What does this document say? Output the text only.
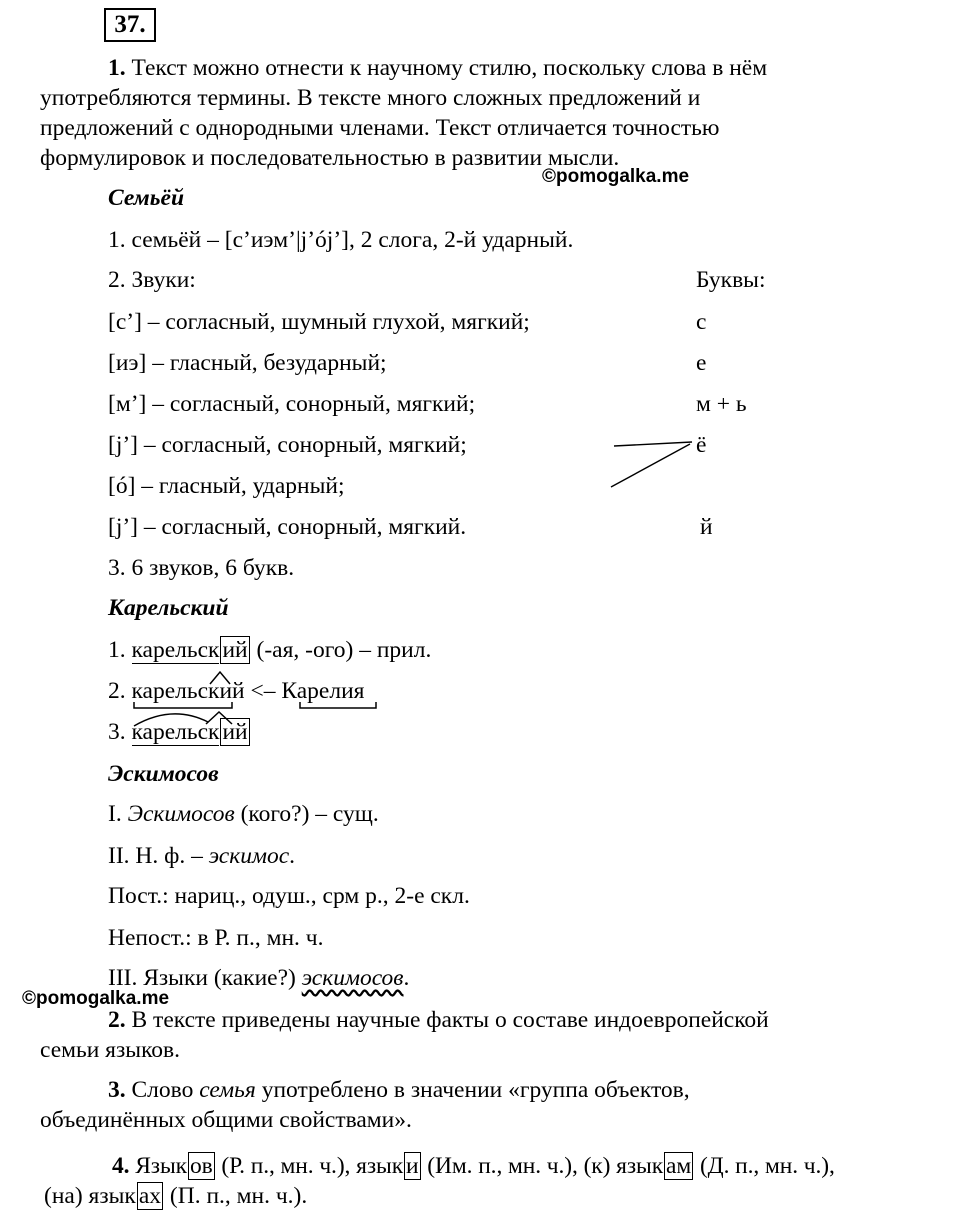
37.
1. Текст можно отнести к научному стилю, поскольку слова в нём
употребляются термины. В тексте много сложных предложений и
предложений с однородными членами. Текст отличается точностью
формулировок и последовательностью в развитии мысли.
©pomogalka.me
Семьёй
1. семьёй – [с’иэм’|j’ój’], 2 слога, 2-й ударный.
2. Звуки:	Буквы:
[с’] – согласный, шумный глухой, мягкий;	с
[иэ] – гласный, безударный;	е
[м’] – согласный, сонорный, мягкий;	м + ь
[j’] – согласный, сонорный, мягкий;	ё
[ó] – гласный, ударный;
[j’] – согласный, сонорный, мягкий.	й
3. 6 звуков, 6 букв.
Карельский
1. карельск ий (-ая, -ого) – прил.
2. карельский <– Карелия
3. карельск ий
Эскимосов
I. Эскимосов (кого?) – сущ.
II. Н. ф. – эскимос.
Пост.: нариц., одуш., срм р., 2-е скл.
Непост.: в Р. п., мн. ч.
III. Языки (какие?) эскимосов.
©pomogalka.me
2. В тексте приведены научные факты о составе индоевропейской
семьи языков.
3. Слово семья употреблено в значении «группа объектов,
объединённых общими свойствами».
4. Язык ов (Р. п., мн. ч.), язык и (Им. п., мн. ч.), (к) язык ам (Д. п., мн. ч.),
(на) язык ах (П. п., мн. ч.).
